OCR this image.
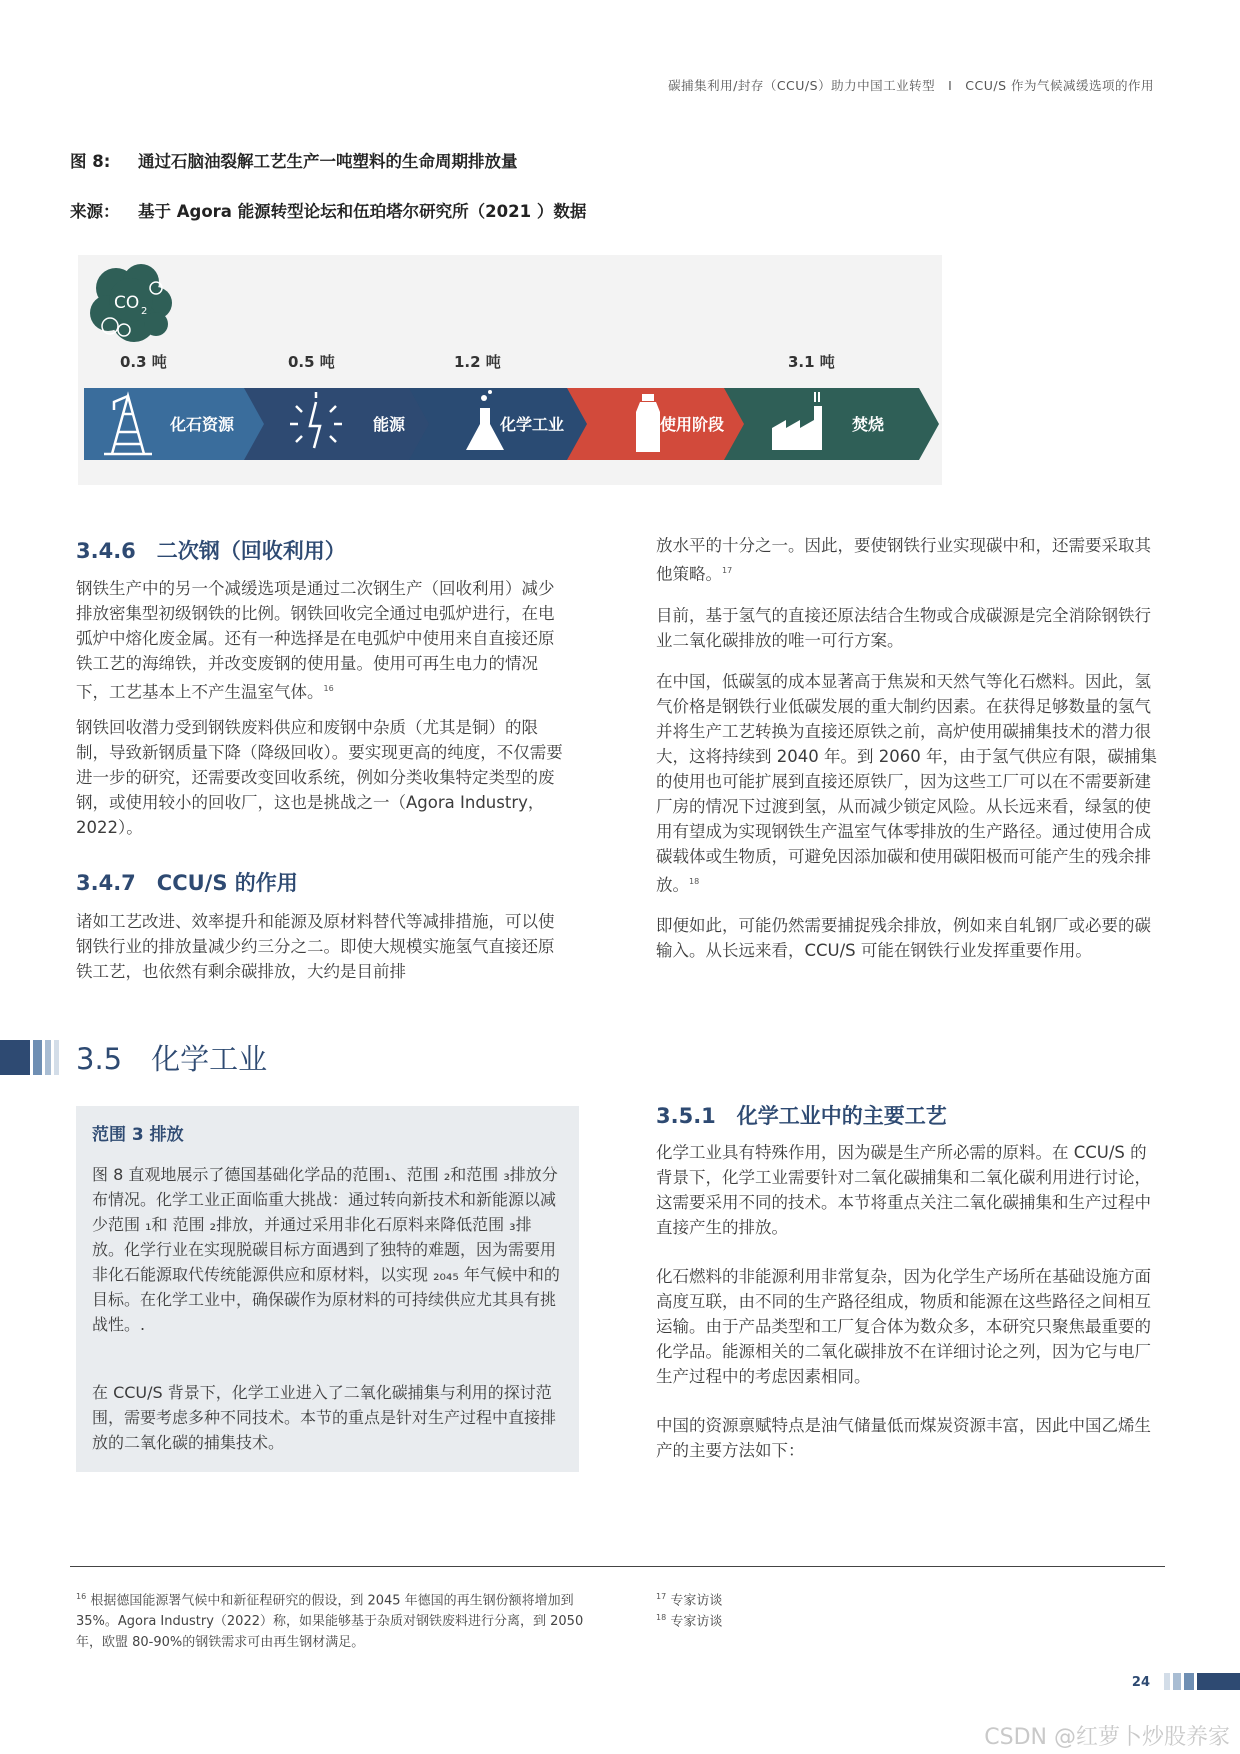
碳捕集利用/封存（CCU/S）助力中国工业转型　I　CCU/S 作为气候减缓选项的作用
图 8: 通过石脑油裂解工艺生产一吨塑料的生命周期排放量
来源： 基于 Agora 能源转型论坛和伍珀塔尔研究所（2021 ）数据
CO 2
0.3 吨	0.5 吨	1.2 吨	3.1 吨
化石资源	能源	化学工业	使用阶段	焚烧
3.4.6　二次钢（回收利用）

钢铁生产中的另一个减缓选项是通过二次钢生产（回收利用）减少排放密集型初级钢铁的比例。钢铁回收完全通过电弧炉进行，在电弧炉中熔化废金属。还有一种选择是在电弧炉中使用来自直接还原铁工艺的海绵铁，并改变废钢的使用量。使用可再生电力的情况下，工艺基本上不产生温室气体。$^{16}$

钢铁回收潜力受到钢铁废料供应和废钢中杂质（尤其是铜）的限制，导致新钢质量下降（降级回收）。要实现更高的纯度，不仅需要进一步的研究，还需要改变回收系统，例如分类收集特定类型的废钢，或使用较小的回收厂，这也是挑战之一（Agora Industry，2022）。

3.4.7　CCU/S 的作用

诸如工艺改进、效率提升和能源及原材料替代等减排措施，可以使钢铁行业的排放量减少约三分之二。即使大规模实施氢气直接还原铁工艺，也依然有剩余碳排放，大约是目前排

放水平的十分之一。因此，要使钢铁行业实现碳中和，还需要采取其他策略。$^{17}$

目前，基于氢气的直接还原法结合生物或合成碳源是完全消除钢铁行业二氧化碳排放的唯一可行方案。

在中国，低碳氢的成本显著高于焦炭和天然气等化石燃料。因此，氢气价格是钢铁行业低碳发展的重大制约因素。在获得足够数量的氢气并将生产工艺转换为直接还原铁之前，高炉使用碳捕集技术的潜力很大，这将持续到 2040 年。到 2060 年，由于氢气供应有限，碳捕集的使用也可能扩展到直接还原铁厂，因为这些工厂可以在不需要新建厂房的情况下过渡到氢，从而减少锁定风险。从长远来看，绿氢的使用有望成为实现钢铁生产温室气体零排放的生产路径。通过使用合成碳载体或生物质，可避免因添加碳和使用碳阳极而可能产生的残余排放。$^{18}$

即便如此，可能仍然需要捕捉残余排放，例如来自轧钢厂或必要的碳输入。从长远来看，CCU/S 可能在钢铁行业发挥重要作用。

3.5　化学工业
范围 3 排放

图 8 直观地展示了德国基础化学品的范围₁、范围 ₂和范围 ₃排放分布情况。化学工业正面临重大挑战：通过转向新技术和新能源以减少范围 ₁和 范围 ₂排放，并通过采用非化石原料来降低范围 ₃排放。化学行业在实现脱碳目标方面遇到了独特的难题，因为需要用非化石能源取代传统能源供应和原材料，以实现 ₂₀₄₅ 年气候中和的目标。在化学工业中，确保碳作为原材料的可持续供应尤其具有挑战性。.

在 CCU/S 背景下，化学工业进入了二氧化碳捕集与利用的探讨范围，需要考虑多种不同技术。本节的重点是针对生产过程中直接排放的二氧化碳的捕集技术。

3.5.1　化学工业中的主要工艺

化学工业具有特殊作用，因为碳是生产所必需的原料。在 CCU/S 的背景下，化学工业需要针对二氧化碳捕集和二氧化碳利用进行讨论，这需要采用不同的技术。本节将重点关注二氧化碳捕集和生产过程中直接产生的排放。

化石燃料的非能源利用非常复杂，因为化学生产场所在基础设施方面高度互联，由不同的生产路径组成，物质和能源在这些路径之间相互运输。由于产品类型和工厂复合体为数众多，本研究只聚焦最重要的化学品。能源相关的二氧化碳排放不在详细讨论之列，因为它与电厂生产过程中的考虑因素相同。

中国的资源禀赋特点是油气储量低而煤炭资源丰富，因此中国乙烯生产的主要方法如下：

$^{16}$ 根据德国能源署气候中和新征程研究的假设，到 2045 年德国的再生钢份额将增加到 35%。Agora Industry（2022）称，如果能够基于杂质对钢铁废料进行分离，到 2050 年，欧盟 80-90%的钢铁需求可由再生钢材满足。
$^{17}$ 专家访谈
$^{18}$ 专家访谈
24
CSDN @红萝卜炒股养家
